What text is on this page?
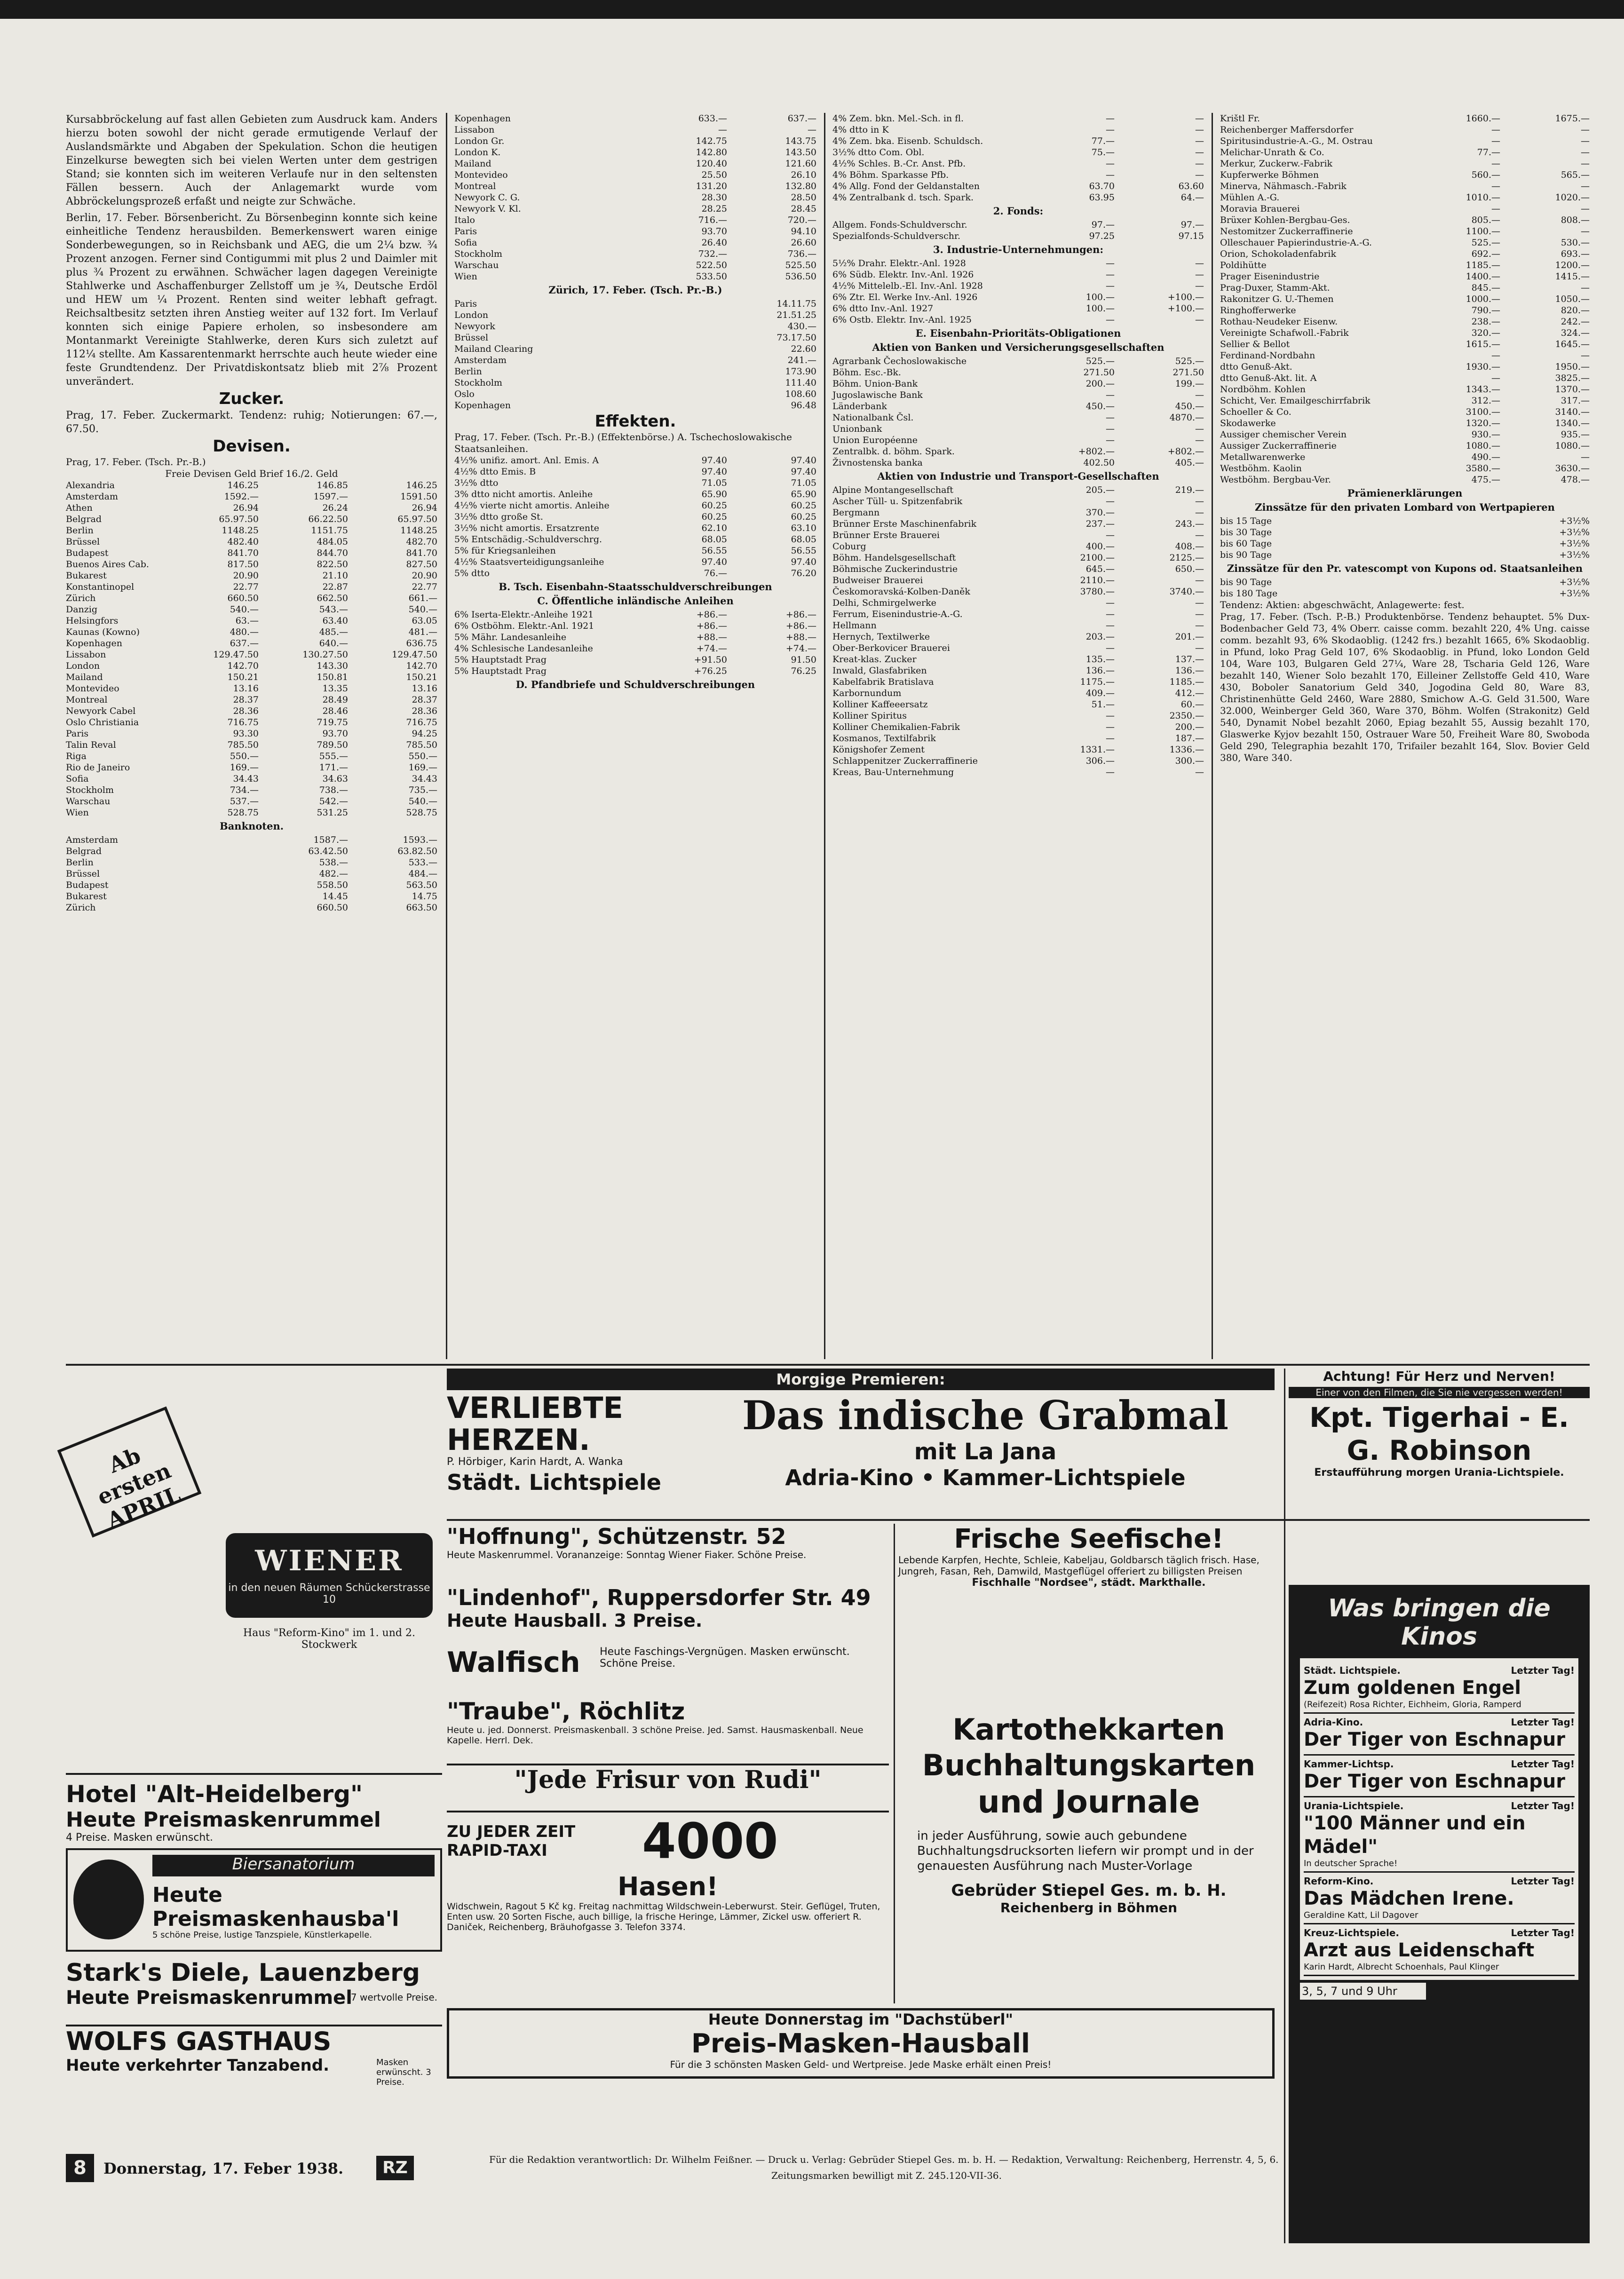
Kursabbröckelung auf fast allen Gebieten zum Ausdruck kam. Anders hierzu boten sowohl der nicht gerade ermutigende Verlauf der Auslandsmärkte und Abgaben der Spekulation. Schon die heutigen Einzelkurse bewegten sich bei vielen Werten unter dem gestrigen Stand; sie konnten sich im weiteren Verlaufe nur in den seltensten Fällen bessern. Auch der Anlagemarkt wurde vom Abbröckelungsprozeß erfaßt und neigte zur Schwäche.

Berlin, 17. Feber. Börsenbericht. Zu Börsenbeginn konnte sich keine einheitliche Tendenz herausbilden. Bemerkenswert waren einige Sonderbewegungen, so in Reichsbank und AEG, die um 2¼ bzw. ¾ Prozent anzogen. Ferner sind Contigummi mit plus 2 und Daimler mit plus ¾ Prozent zu erwähnen. Schwächer lagen dagegen Vereinigte Stahlwerke und Aschaffenburger Zellstoff um je ¾, Deutsche Erdöl und HEW um ¼ Prozent. Renten sind weiter lebhaft gefragt. Reichsaltbesitz setzten ihren Anstieg weiter auf 132 fort. Im Verlauf konnten sich einige Papiere erholen, so insbesondere am Montanmarkt Vereinigte Stahlwerke, deren Kurs sich zuletzt auf 112¼ stellte. Am Kassarentenmarkt herrschte auch heute wieder eine feste Grundtendenz. Der Privatdiskontsatz blieb mit 2⅞ Prozent unverändert.

Zucker.

Prag, 17. Feber. Zuckermarkt. Tendenz: ruhig; Notierungen: 67.—, 67.50.

Devisen.
Prag, 17. Feber. (Tsch. Pr.-B.)
Freie Devisen Geld Brief 16./2. Geld
Alexandria	146.25	146.85	146.25
Amsterdam	1592.—	1597.—	1591.50
Athen	26.94	26.24	26.94
Belgrad	65.97.50	66.22.50	65.97.50
Berlin	1148.25	1151.75	1148.25
Brüssel	482.40	484.05	482.70
Budapest	841.70	844.70	841.70
Buenos Aires Cab.	817.50	822.50	827.50
Bukarest	20.90	21.10	20.90
Konstantinopel	22.77	22.87	22.77
Zürich	660.50	662.50	661.—
Danzig	540.—	543.—	540.—
Helsingfors	63.—	63.40	63.05
Kaunas (Kowno)	480.—	485.—	481.—
Kopenhagen	637.—	640.—	636.75
Lissabon	129.47.50	130.27.50	129.47.50
London	142.70	143.30	142.70
Mailand	150.21	150.81	150.21
Montevideo	13.16	13.35	13.16
Montreal	28.37	28.49	28.37
Newyork Cabel	28.36	28.46	28.36
Oslo Christiania	716.75	719.75	716.75
Paris	93.30	93.70	94.25
Talin Reval	785.50	789.50	785.50
Riga	550.—	555.—	550.—
Rio de Janeiro	169.—	171.—	169.—
Sofia	34.43	34.63	34.43
Stockholm	734.—	738.—	735.—
Warschau	537.—	542.—	540.—
Wien	528.75	531.25	528.75
Banknoten.
Amsterdam	1587.—	1593.—
Belgrad	63.42.50	63.82.50
Berlin	538.—	533.—
Brüssel	482.—	484.—
Budapest	558.50	563.50
Bukarest	14.45	14.75
Zürich	660.50	663.50
Kopenhagen	633.—	637.—
Lissabon	—	—
London Gr.	142.75	143.75
London K.	142.80	143.50
Mailand	120.40	121.60
Montevideo	25.50	26.10
Montreal	131.20	132.80
Newyork C. G.	28.30	28.50
Newyork V. Kl.	28.25	28.45
Italo	716.—	720.—
Paris	93.70	94.10
Sofia	26.40	26.60
Stockholm	732.—	736.—
Warschau	522.50	525.50
Wien	533.50	536.50
Zürich, 17. Feber. (Tsch. Pr.-B.)
Paris	14.11.75
London	21.51.25
Newyork	430.—
Brüssel	73.17.50
Mailand Clearing	22.60
Amsterdam	241.—
Berlin	173.90
Stockholm	111.40
Oslo	108.60
Kopenhagen	96.48
Effekten.
Prag, 17. Feber. (Tsch. Pr.-B.) (Effektenbörse.) A. Tschechoslowakische Staatsanleihen.
4½% unifiz. amort. Anl. Emis. A	97.40	97.40
4½% dtto Emis. B	97.40	97.40
3½% dtto	71.05	71.05
3% dtto nicht amortis. Anleihe	65.90	65.90
4½% vierte nicht amortis. Anleihe	60.25	60.25
3½% dtto große St.	60.25	60.25
3½% nicht amortis. Ersatzrente	62.10	63.10
5% Entschädig.-Schuldverschrg.	68.05	68.05
5% für Kriegsanleihen	56.55	56.55
4½% Staatsverteidigungsanleihe	97.40	97.40
5% dtto	76.—	76.20
B. Tsch. Eisenbahn-Staatsschuldverschreibungen
C. Öffentliche inländische Anleihen
6% Iserta-Elektr.-Anleihe 1921	+86.—	+86.—
6% Ostböhm. Elektr.-Anl. 1921	+86.—	+86.—
5% Mähr. Landesanleihe	+88.—	+88.—
4% Schlesische Landesanleihe	+74.—	+74.—
5% Hauptstadt Prag	+91.50	91.50
5% Hauptstadt Prag	+76.25	76.25
D. Pfandbriefe und Schuldverschreibungen
4% Zem. bkn. Mel.-Sch. in fl.	—	—
4% dtto in K	—	—
4% Zem. bka. Eisenb. Schuldsch.	77.—	—
3½% dtto Com. Obl.	75.—	—
4½% Schles. B.-Cr. Anst. Pfb.	—	—
4% Böhm. Sparkasse Pfb.	—	—
4% Allg. Fond der Geldanstalten	63.70	63.60
4% Zentralbank d. tsch. Spark.	63.95	64.—
2. Fonds:
Allgem. Fonds-Schuldverschr.	97.—	97.—
Spezialfonds-Schuldverschr.	97.25	97.15
3. Industrie-Unternehmungen:
5½% Drahr. Elektr.-Anl. 1928	—	—
6% Südb. Elektr. Inv.-Anl. 1926	—	—
4½% Mittelelb.-El. Inv.-Anl. 1928	—	—
6% Ztr. El. Werke Inv.-Anl. 1926	100.—	+100.—
6% dtto Inv.-Anl. 1927	100.—	+100.—
6% Ostb. Elektr. Inv.-Anl. 1925	—	—
E. Eisenbahn-Prioritäts-Obligationen
Aktien von Banken und Versicherungsgesellschaften
Agrarbank Čechoslowakische	525.—	525.—
Böhm. Esc.-Bk.	271.50	271.50
Böhm. Union-Bank	200.—	199.—
Jugoslawische Bank	—	—
Länderbank	450.—	450.—
Nationalbank Čsl.	—	4870.—
Unionbank	—	—
Union Européenne	—	—
Zentralbk. d. böhm. Spark.	+802.—	+802.—
Živnostenska banka	402.50	405.—
Aktien von Industrie und Transport-Gesellschaften
Alpine Montangesellschaft	205.—	219.—
Ascher Tüll- u. Spitzenfabrik	—	—
Bergmann	370.—	—
Brünner Erste Maschinenfabrik	237.—	243.—
Brünner Erste Brauerei	—	—
Coburg	400.—	408.—
Böhm. Handelsgesellschaft	2100.—	2125.—
Böhmische Zuckerindustrie	645.—	650.—
Budweiser Brauerei	2110.—	—
Českomoravská-Kolben-Daněk	3780.—	3740.—
Delhi, Schmirgelwerke	—	—
Ferrum, Eisenindustrie-A.-G.	—	—
Hellmann	—	—
Hernych, Textilwerke	203.—	201.—
Ober-Berkovicer Brauerei	—	—
Kreat-klas. Zucker	135.—	137.—
Inwald, Glasfabriken	136.—	136.—
Kabelfabrik Bratislava	1175.—	1185.—
Karbornundum	409.—	412.—
Kolliner Kaffeeersatz	51.—	60.—
Kolliner Spiritus	—	2350.—
Kolliner Chemikalien-Fabrik	—	200.—
Kosmanos, Textilfabrik	—	187.—
Königshofer Zement	1331.—	1336.—
Schlappenitzer Zuckerraffinerie	306.—	300.—
Kreas, Bau-Unternehmung	—	—
Krištl Fr.	1660.—	1675.—
Reichenberger Maffersdorfer	—	—
Spiritusindustrie-A.-G., M. Ostrau	—	—
Melichar-Unrath & Co.	77.—	—
Merkur, Zuckerw.-Fabrik	—	—
Kupferwerke Böhmen	560.—	565.—
Minerva, Nähmasch.-Fabrik	—	—
Mühlen A.-G.	1010.—	1020.—
Moravia Brauerei	—	—
Brüxer Kohlen-Bergbau-Ges.	805.—	808.—
Nestomitzer Zuckerraffinerie	1100.—	—
Olleschauer Papierindustrie-A.-G.	525.—	530.—
Orion, Schokoladenfabrik	692.—	693.—
Poldihütte	1185.—	1200.—
Prager Eisenindustrie	1400.—	1415.—
Prag-Duxer, Stamm-Akt.	845.—	—
Rakonitzer G. U.-Themen	1000.—	1050.—
Ringhofferwerke	790.—	820.—
Rothau-Neudeker Eisenw.	238.—	242.—
Vereinigte Schafwoll.-Fabrik	320.—	324.—
Sellier & Bellot	1615.—	1645.—
Ferdinand-Nordbahn	—	—
dtto Genuß-Akt.	1930.—	1950.—
dtto Genuß-Akt. lit. A	—	3825.—
Nordböhm. Kohlen	1343.—	1370.—
Schicht, Ver. Emailgeschirrfabrik	312.—	317.—
Schoeller & Co.	3100.—	3140.—
Skodawerke	1320.—	1340.—
Aussiger chemischer Verein	930.—	935.—
Aussiger Zuckerraffinerie	1080.—	1080.—
Metallwarenwerke	490.—	—
Westböhm. Kaolin	3580.—	3630.—
Westböhm. Bergbau-Ver.	475.—	478.—
Prämienerklärungen
Zinssätze für den privaten Lombard von Wertpapieren
bis 15 Tage	+3½%
bis 30 Tage	+3½%
bis 60 Tage	+3½%
bis 90 Tage	+3½%
Zinssätze für den Pr. vatescompt von Kupons od. Staatsanleihen
bis 90 Tage	+3½%
bis 180 Tage	+3½%
Tendenz: Aktien: abgeschwächt, Anlagewerte: fest.

Prag, 17. Feber. (Tsch. P.-B.) Produktenbörse. Tendenz behauptet. 5% Dux-Bodenbacher Geld 73, 4% Oberr. caisse comm. bezahlt 220, 4% Ung. caisse comm. bezahlt 93, 6% Skodaoblig. (1242 frs.) bezahlt 1665, 6% Skodaoblig. in Pfund, loko Prag Geld 107, 6% Skodaoblig. in Pfund, loko London Geld 104, Ware 103, Bulgaren Geld 27¼, Ware 28, Tscharia Geld 126, Ware bezahlt 140, Wiener Solo bezahlt 170, Eilleiner Zellstoffe Geld 410, Ware 430, Boboler Sanatorium Geld 340, Jogodina Geld 80, Ware 83, Christinenhütte Geld 2460, Ware 2880, Smichow A.-G. Geld 31.500, Ware 32.000, Weinberger Geld 360, Ware 370, Böhm. Wolfen (Strakonitz) Geld 540, Dynamit Nobel bezahlt 2060, Epiag bezahlt 55, Aussig bezahlt 170, Glaswerke Kyjov bezahlt 150, Ostrauer Ware 50, Freiheit Ware 80, Swoboda Geld 290, Telegraphia bezahlt 170, Trifailer bezahlt 164, Slov. Bovier Geld 380, Ware 340.

Ab ersten APRIL
WIENER
in den neuen Räumen Schückerstrasse 10
Haus "Reform-Kino" im 1. und 2. Stockwerk
Hotel "Alt-Heidelberg"
Heute Preismaskenrummel
4 Preise. Masken erwünscht.
Biersanatorium
Heute Preismaskenhausba'l
5 schöne Preise, lustige Tanzspiele, Künstlerkapelle.
Stark's Diele, Lauenzberg
Heute Preismaskenrummel
7 wertvolle Preise.
WOLFS GASTHAUS
Heute verkehrter Tanzabend.	Masken erwünscht. 3 Preise.
Morgige Premieren:
VERLIEBTE HERZEN.
P. Hörbiger, Karin Hardt, A. Wanka
Städt. Lichtspiele
Das indische Grabmal
mit La Jana
Adria-Kino • Kammer-Lichtspiele
Achtung! Für Herz und Nerven!
Einer von den Filmen, die Sie nie vergessen werden!
Kpt. Tigerhai - E. G. Robinson
Erstaufführung morgen Urania-Lichtspiele.
"Hoffnung", Schützenstr. 52
Heute Maskenrummel. Vorananzeige: Sonntag Wiener Fiaker. Schöne Preise.
"Lindenhof", Ruppersdorfer Str. 49
Heute Hausball. 3 Preise.
Walfisch Heute Faschings-Vergnügen. Masken erwünscht. Schöne Preise.
"Traube", Röchlitz
Heute u. jed. Donnerst. Preismaskenball. 3 schöne Preise. Jed. Samst. Hausmaskenball. Neue Kapelle. Herrl. Dek.
"Jede Frisur von Rudi"
ZU JEDER ZEIT RAPID-TAXI 4000
Hasen!
Widschwein, Ragout 5 Kč kg. Freitag nachmittag Wildschwein-Leberwurst. Steir. Geflügel, Truten, Enten usw. 20 Sorten Fische, auch billige, la frische Heringe, Lämmer, Zickel usw. offeriert R. Daniček, Reichenberg, Bräuhofgasse 3. Telefon 3374.
Frische Seefische!
Lebende Karpfen, Hechte, Schleie, Kabeljau, Goldbarsch täglich frisch. Hase, Jungreh, Fasan, Reh, Damwild, Mastgeflügel offeriert zu billigsten Preisen
Fischhalle "Nordsee", städt. Markthalle.
Kartothekkarten
Buchhaltungskarten
und Journale
in jeder Ausführung, sowie auch gebundene Buchhaltungsdrucksorten liefern wir prompt und in der genauesten Ausführung nach Muster-Vorlage
Gebrüder Stiepel Ges. m. b. H.
Reichenberg in Böhmen
Heute Donnerstag im "Dachstüberl"
Preis-Masken-Hausball
Für die 3 schönsten Masken Geld- und Wertpreise. Jede Maske erhält einen Preis!
Was bringen die Kinos
Städt. Lichtspiele.	Letzter Tag!
Zum goldenen Engel
(Reifezeit) Rosa Richter, Eichheim, Gloria, Ramperd
Adria-Kino.	Letzter Tag!
Der Tiger von Eschnapur
Kammer-Lichtsp.	Letzter Tag!
Der Tiger von Eschnapur
Urania-Lichtspiele.	Letzter Tag!
"100 Männer und ein Mädel"
In deutscher Sprache!
Reform-Kino.	Letzter Tag!
Das Mädchen Irene.
Geraldine Katt, Lil Dagover
Kreuz-Lichtspiele.	Letzter Tag!
Arzt aus Leidenschaft
Karin Hardt, Albrecht Schoenhals, Paul Klinger
3, 5, 7 und 9 Uhr
8	Donnerstag, 17. Feber 1938.	RZ	Für die Redaktion verantwortlich: Dr. Wilhelm Feißner. — Druck u. Verlag: Gebrüder Stiepel Ges. m. b. H. — Redaktion, Verwaltung: Reichenberg, Herrenstr. 4, 5, 6.
Zeitungsmarken bewilligt mit Z. 245.120-VII-36.
